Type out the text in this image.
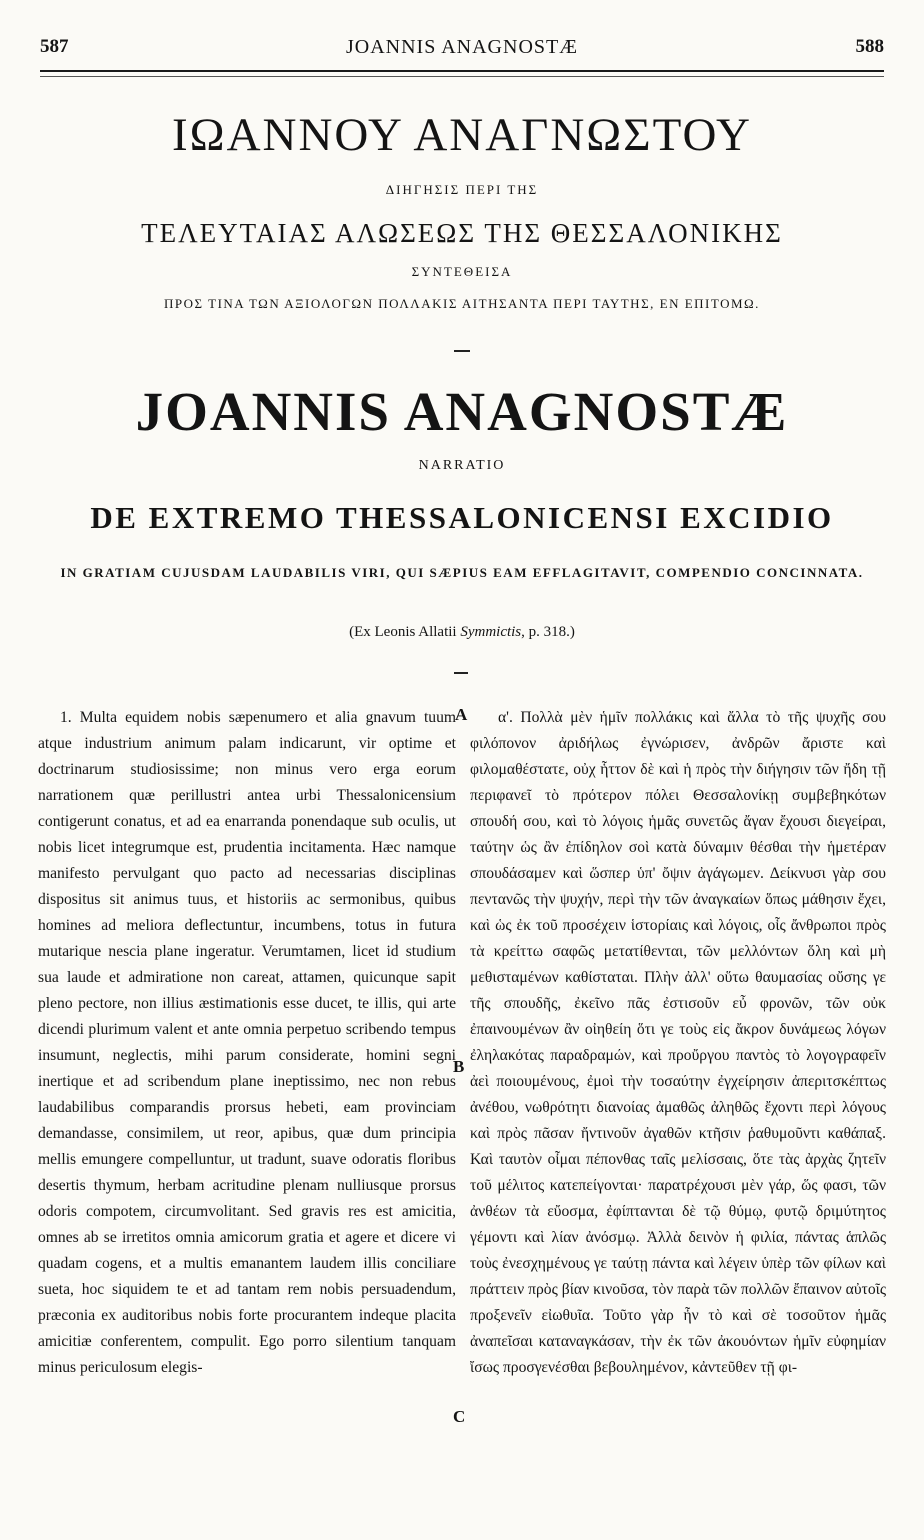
587	JOANNIS ANAGNOSTÆ	588
ΙΩΑΝΝΟΥ ΑΝΑΓΝΩΣΤΟΥ
ΔΙΗΓΗΣΙΣ ΠΕΡΙ ΤΗΣ
ΤΕΛΕΥΤΑΙΑΣ ΑΛΩΣΕΩΣ ΤΗΣ ΘΕΣΣΑΛΟΝΙΚΗΣ
ΣΥΝΤΕΘΕΙΣΑ
ΠΡΟΣ ΤΙΝΑ ΤΩΝ ΑΞΙΟΛΟΓΩΝ ΠΟΛΛΑΚΙΣ ΑΙΤΗΣΑΝΤΑ ΠΕΡΙ ΤΑΥΤΗΣ, ΕΝ ΕΠΙΤΟΜΩ.
JOANNIS ANAGNOSTÆ
NARRATIO
DE EXTREMO THESSALONICENSI EXCIDIO
IN GRATIAM CUJUSDAM LAUDABILIS VIRI, QUI SÆPIUS EAM EFFLAGITAVIT, COMPENDIO CONCINNATA.
(Ex Leonis Allatii Symmictis, p. 318.)

1. Multa equidem nobis sæpenumero et alia gnavum tuum atque industrium animum palam indicarunt, vir optime et doctrinarum studiosissime; non minus vero erga eorum narrationem quæ perillustri antea urbi Thessalonicensium contigerunt conatus, et ad ea enarranda ponendaque sub oculis, ut nobis licet integrumque est, prudentia incitamenta. Hæc namque manifesto pervulgant quo pacto ad necessarias disciplinas dispositus sit animus tuus, et historiis ac sermonibus, quibus homines ad meliora deflectuntur, incumbens, totus in futura mutarique nescia plane ingeratur. Verumtamen, licet id studium sua laude et admiratione non careat, attamen, quicunque sapit pleno pectore, non illius æstimationis esse ducet, te illis, qui arte dicendi plurimum valent et ante omnia perpetuo scribendo tempus insumunt, neglectis, mihi parum considerate, homini segni inertique et ad scribendum plane ineptissimo, nec non rebus laudabilibus comparandis prorsus hebeti, eam provinciam demandasse, consimilem, ut reor, apibus, quæ dum principia mellis emungere compelluntur, ut tradunt, suave odoratis floribus desertis thymum, herbam acritudine plenam nulliusque prorsus odoris compotem, circumvolitant. Sed gravis res est amicitia, omnes ab se irretitos omnia amicorum gratia et agere et dicere vi quadam cogens, et a multis emanantem laudem illis conciliare sueta, hoc siquidem te et ad tantam rem nobis persuadendum, præconia ex auditoribus nobis forte procurantem indeque placita amicitiæ conferentem, compulit. Ego porro silentium tanquam minus periculosum elegis-

A
B
C

α'. Πολλὰ μὲν ἡμῖν πολλάκις καὶ ἄλλα τὸ τῆς ψυχῆς σου φιλόπονον ἀριδήλως ἐγνώρισεν, ἀνδρῶν ἄριστε καὶ φιλομαθέστατε, οὐχ ἧττον δὲ καὶ ἡ πρὸς τὴν διήγησιν τῶν ἤδη τῇ περιφανεῖ τὸ πρότερον πόλει Θεσσαλονίκῃ συμβεβηκότων σπουδή σου, καὶ τὸ λόγοις ἡμᾶς συνετῶς ἄγαν ἔχουσι διεγείραι, ταύτην ὡς ἂν ἐπίδηλον σοὶ κατὰ δύναμιν θέσθαι τὴν ἡμετέραν σπουδάσαμεν καὶ ὥσπερ ὑπ' ὄψιν ἀγάγωμεν. Δείκνυσι γὰρ σου πεντανῶς τὴν ψυχήν, περὶ τὴν τῶν ἀναγκαίων ὅπως μάθησιν ἔχει, καὶ ὡς ἐκ τοῦ προσέχειν ἱστορίαις καὶ λόγοις, οἷς ἄνθρωποι πρὸς τὰ κρείττω σαφῶς μετατίθενται, τῶν μελλόντων ὅλη καὶ μὴ μεθισταμένων καθίσταται. Πλὴν ἀλλ' οὕτω θαυμασίας οὔσης γε τῆς σπουδῆς, ἐκεῖνο πᾶς ἐστισοῦν εὖ φρονῶν, τῶν οὐκ ἐπαινουμένων ἂν οἰηθείη ὅτι γε τοὺς εἰς ἄκρον δυνάμεως λόγων ἐληλακότας παραδραμών, καὶ προὔργου παντὸς τὸ λογογραφεῖν ἀεὶ ποιουμένους, ἐμοὶ τὴν τοσαύτην ἐγχείρησιν ἀπεριτσκέπτως ἀνέθου, νωθρότητι διανοίας ἀμαθῶς ἀληθῶς ἔχοντι περὶ λόγους καὶ πρὸς πᾶσαν ἤντινοῦν ἀγαθῶν κτῆσιν ῥαθυμοῦντι καθάπαξ. Καὶ ταυτὸν οἶμαι πέπονθας ταῖς μελίσσαις, ὅτε τὰς ἀρχὰς ζητεῖν τοῦ μέλιτος κατεπείγονται· παρατρέχουσι μὲν γάρ, ὥς φασι, τῶν ἀνθέων τὰ εὔοσμα, ἐφίπτανται δὲ τῷ θύμῳ, φυτῷ δριμύτητος γέμοντι καὶ λίαν ἀνόσμῳ. Ἀλλὰ δεινὸν ἡ φιλία, πάντας ἁπλῶς τοὺς ἐνεσχημένους γε ταύτῃ πάντα καὶ λέγειν ὑπὲρ τῶν φίλων καὶ πράττειν πρὸς βίαν κινοῦσα, τὸν παρὰ τῶν πολλῶν ἔπαινον αὐτοῖς προξενεῖν εἰωθυῖα. Τοῦτο γὰρ ἦν τὸ καὶ σὲ τοσοῦτον ἡμᾶς ἀναπεῖσαι καταναγκάσαν, τὴν ἐκ τῶν ἀκουόντων ἡμῖν εὐφημίαν ἴσως προσγενέσθαι βεβουλημένον, κἀντεῦθεν τῇ φι-
